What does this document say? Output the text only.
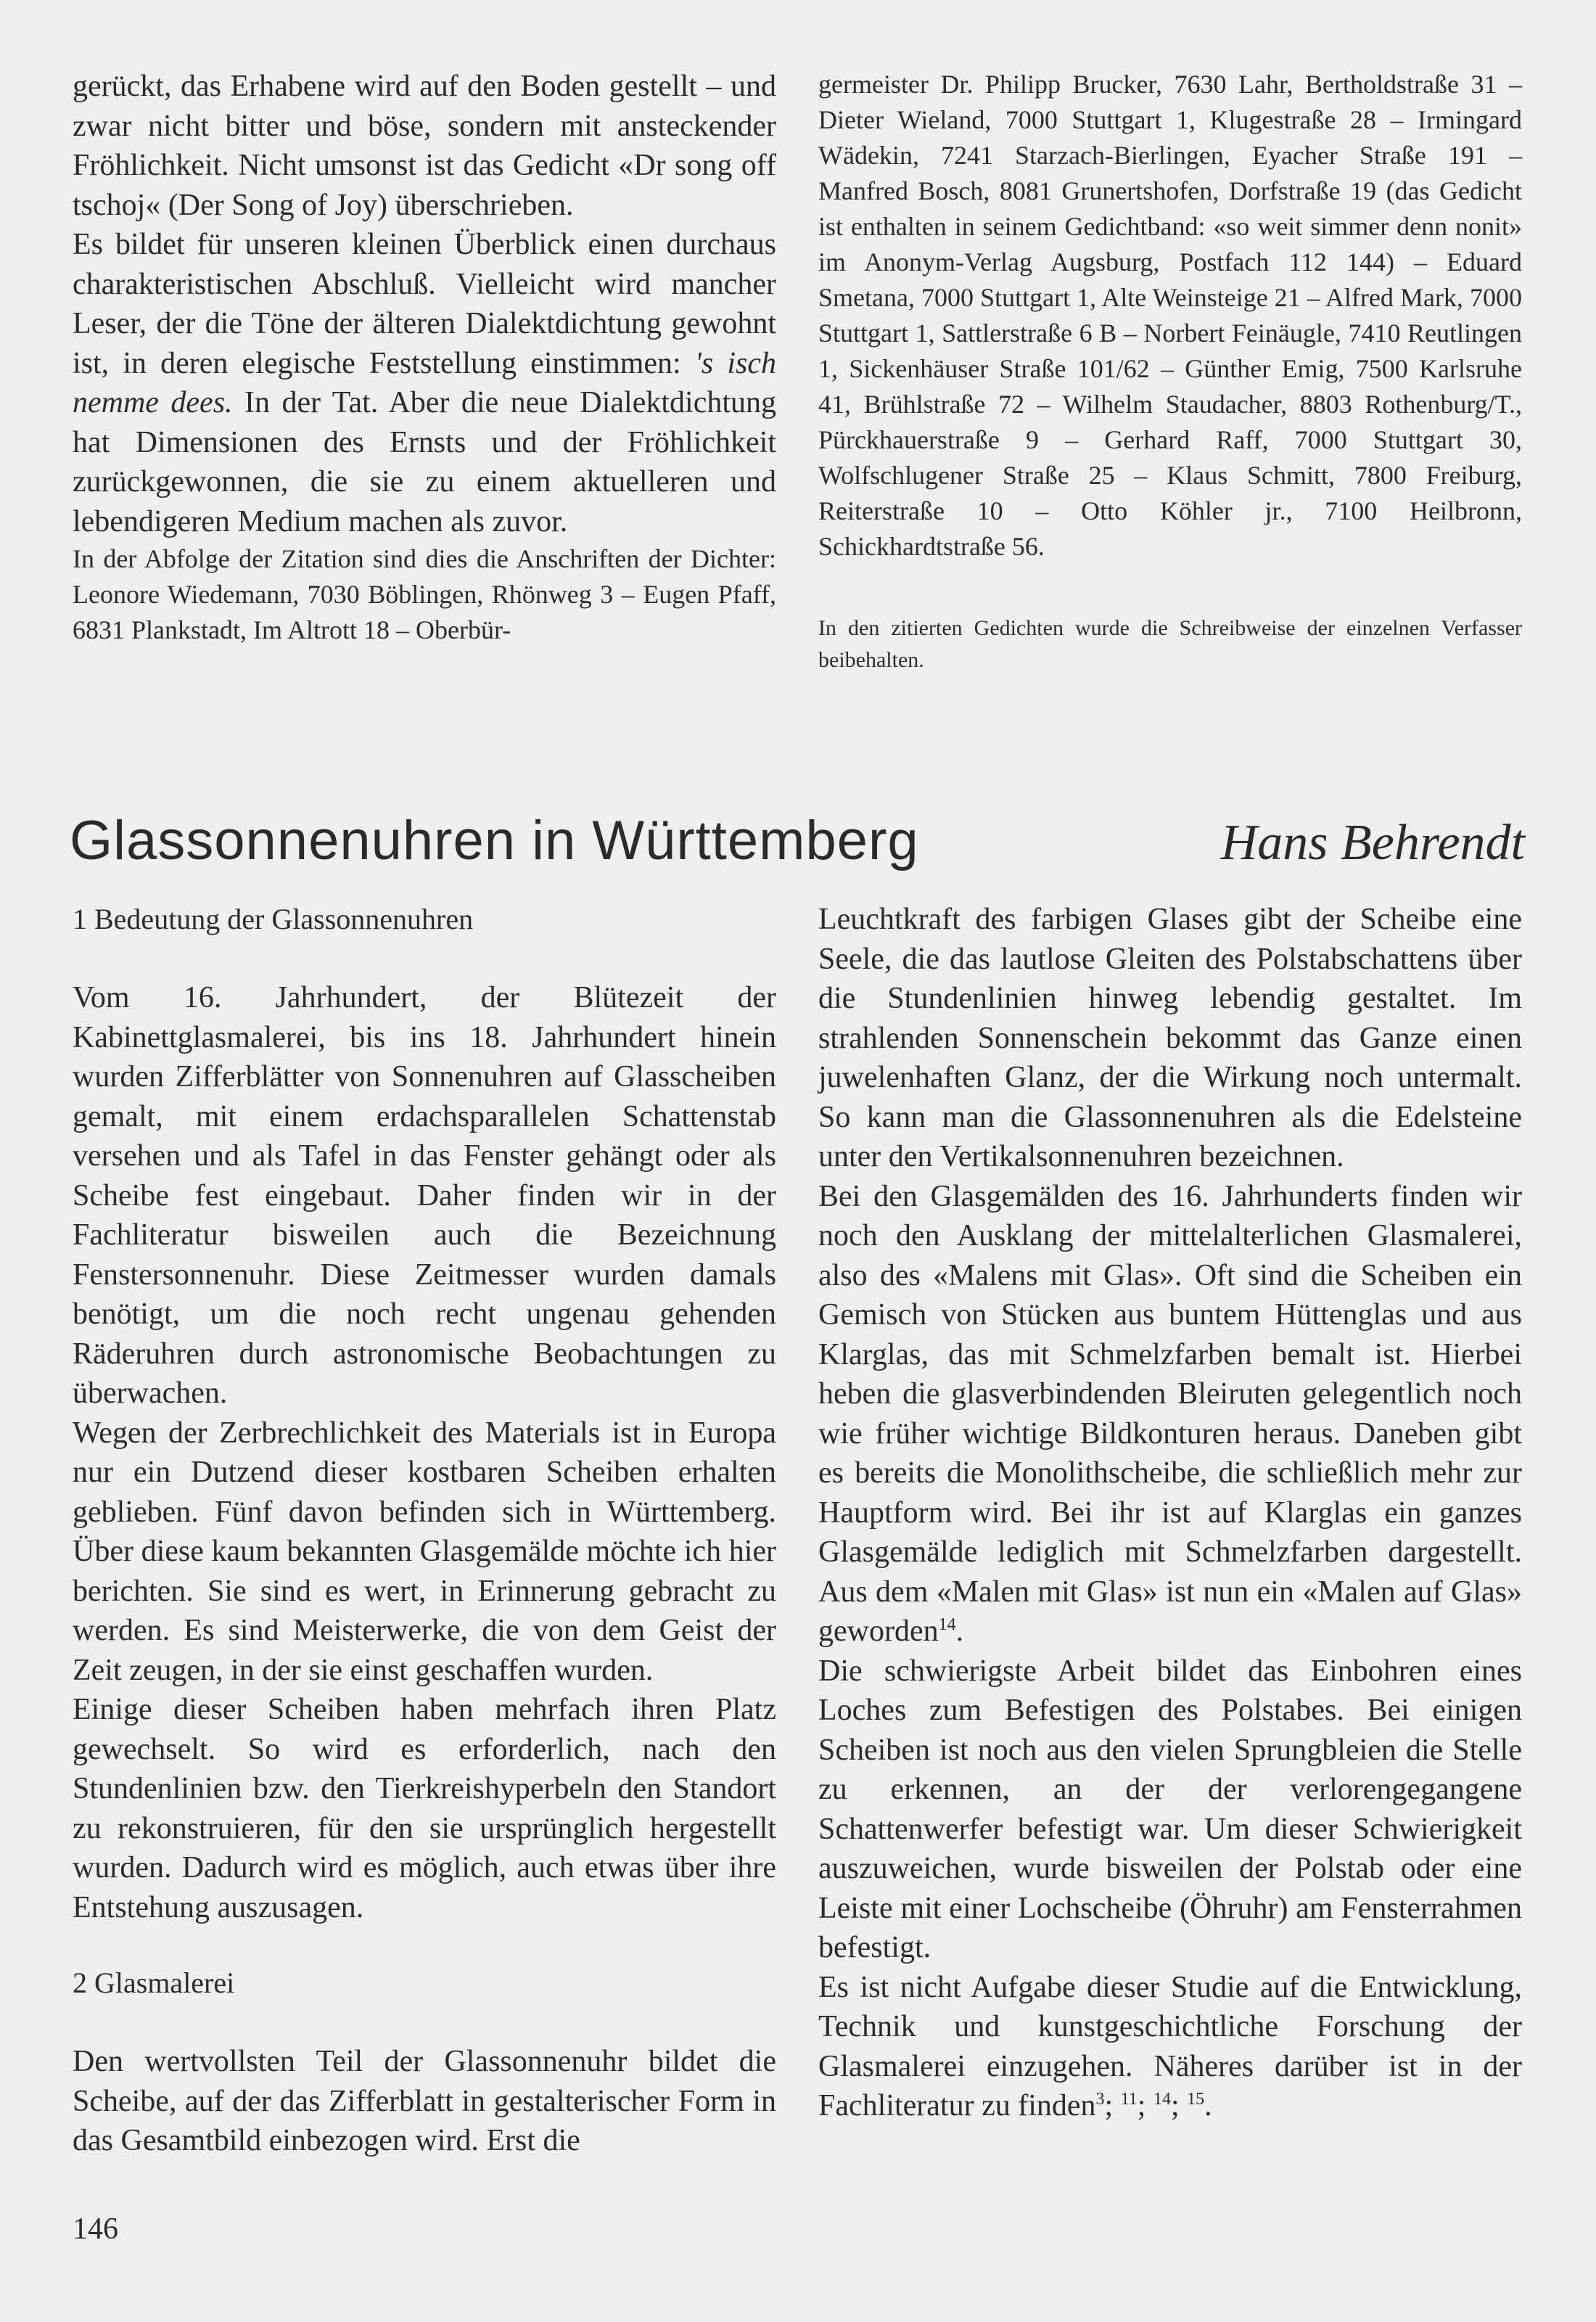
gerückt, das Erhabene wird auf den Boden gestellt – und zwar nicht bitter und böse, sondern mit ansteckender Fröhlichkeit. Nicht umsonst ist das Gedicht «Dr song off tschoj« (Der Song of Joy) überschrieben.

Es bildet für unseren kleinen Überblick einen durchaus charakteristischen Abschluß. Vielleicht wird mancher Leser, der die Töne der älteren Dialektdichtung gewohnt ist, in deren elegische Feststellung einstimmen: 's isch nemme dees. In der Tat. Aber die neue Dialektdichtung hat Dimensionen des Ernsts und der Fröhlichkeit zurückgewonnen, die sie zu einem aktuelleren und lebendigeren Medium machen als zuvor.

In der Abfolge der Zitation sind dies die Anschriften der Dichter: Leonore Wiedemann, 7030 Böblingen, Rhönweg 3 – Eugen Pfaff, 6831 Plankstadt, Im Altrott 18 – Oberbür-

germeister Dr. Philipp Brucker, 7630 Lahr, Bertholdstraße 31 – Dieter Wieland, 7000 Stuttgart 1, Klugestraße 28 – Irmingard Wädekin, 7241 Starzach-Bierlingen, Eyacher Straße 191 – Manfred Bosch, 8081 Grunertshofen, Dorfstraße 19 (das Gedicht ist enthalten in seinem Gedichtband: «so weit simmer denn nonit» im Anonym-Verlag Augsburg, Postfach 112 144) – Eduard Smetana, 7000 Stuttgart 1, Alte Weinsteige 21 – Alfred Mark, 7000 Stuttgart 1, Sattlerstraße 6 B – Norbert Feinäugle, 7410 Reutlingen 1, Sickenhäuser Straße 101/62 – Günther Emig, 7500 Karlsruhe 41, Brühlstraße 72 – Wilhelm Staudacher, 8803 Rothenburg/T., Pürckhauerstraße 9 – Gerhard Raff, 7000 Stuttgart 30, Wolfschlugener Straße 25 – Klaus Schmitt, 7800 Freiburg, Reiterstraße 10 – Otto Köhler jr., 7100 Heilbronn, Schickhardtstraße 56.

In den zitierten Gedichten wurde die Schreibweise der einzelnen Verfasser beibehalten.

Glassonnenuhren in Württemberg	Hans Behrendt

1 Bedeutung der Glassonnenuhren

Vom 16. Jahrhundert, der Blütezeit der Kabinettglasmalerei, bis ins 18. Jahrhundert hinein wurden Zifferblätter von Sonnenuhren auf Glasscheiben gemalt, mit einem erdachsparallelen Schattenstab versehen und als Tafel in das Fenster gehängt oder als Scheibe fest eingebaut. Daher finden wir in der Fachliteratur bisweilen auch die Bezeichnung Fenstersonnenuhr. Diese Zeitmesser wurden damals benötigt, um die noch recht ungenau gehenden Räderuhren durch astronomische Beobachtungen zu überwachen.

Wegen der Zerbrechlichkeit des Materials ist in Europa nur ein Dutzend dieser kostbaren Scheiben erhalten geblieben. Fünf davon befinden sich in Württemberg. Über diese kaum bekannten Glasgemälde möchte ich hier berichten. Sie sind es wert, in Erinnerung gebracht zu werden. Es sind Meisterwerke, die von dem Geist der Zeit zeugen, in der sie einst geschaffen wurden.

Einige dieser Scheiben haben mehrfach ihren Platz gewechselt. So wird es erforderlich, nach den Stundenlinien bzw. den Tierkreishyperbeln den Standort zu rekonstruieren, für den sie ursprünglich hergestellt wurden. Dadurch wird es möglich, auch etwas über ihre Entstehung auszusagen.

2 Glasmalerei

Den wertvollsten Teil der Glassonnenuhr bildet die Scheibe, auf der das Zifferblatt in gestalterischer Form in das Gesamtbild einbezogen wird. Erst die

Leuchtkraft des farbigen Glases gibt der Scheibe eine Seele, die das lautlose Gleiten des Polstabschattens über die Stundenlinien hinweg lebendig gestaltet. Im strahlenden Sonnenschein bekommt das Ganze einen juwelenhaften Glanz, der die Wirkung noch untermalt. So kann man die Glassonnenuhren als die Edelsteine unter den Vertikalsonnenuhren bezeichnen.

Bei den Glasgemälden des 16. Jahrhunderts finden wir noch den Ausklang der mittelalterlichen Glasmalerei, also des «Malens mit Glas». Oft sind die Scheiben ein Gemisch von Stücken aus buntem Hüttenglas und aus Klarglas, das mit Schmelzfarben bemalt ist. Hierbei heben die glasverbindenden Bleiruten gelegentlich noch wie früher wichtige Bildkonturen heraus. Daneben gibt es bereits die Monolithscheibe, die schließlich mehr zur Hauptform wird. Bei ihr ist auf Klarglas ein ganzes Glasgemälde lediglich mit Schmelzfarben dargestellt. Aus dem «Malen mit Glas» ist nun ein «Malen auf Glas» geworden$^{14}$.

Die schwierigste Arbeit bildet das Einbohren eines Loches zum Befestigen des Polstabes. Bei einigen Scheiben ist noch aus den vielen Sprungbleien die Stelle zu erkennen, an der der verlorengegangene Schattenwerfer befestigt war. Um dieser Schwierigkeit auszuweichen, wurde bisweilen der Polstab oder eine Leiste mit einer Lochscheibe (Öhruhr) am Fensterrahmen befestigt.

Es ist nicht Aufgabe dieser Studie auf die Entwicklung, Technik und kunstgeschichtliche Forschung der Glasmalerei einzugehen. Näheres darüber ist in der Fachliteratur zu finden$^3$; $^{11}$; $^{14}$; $^{15}$.

146
